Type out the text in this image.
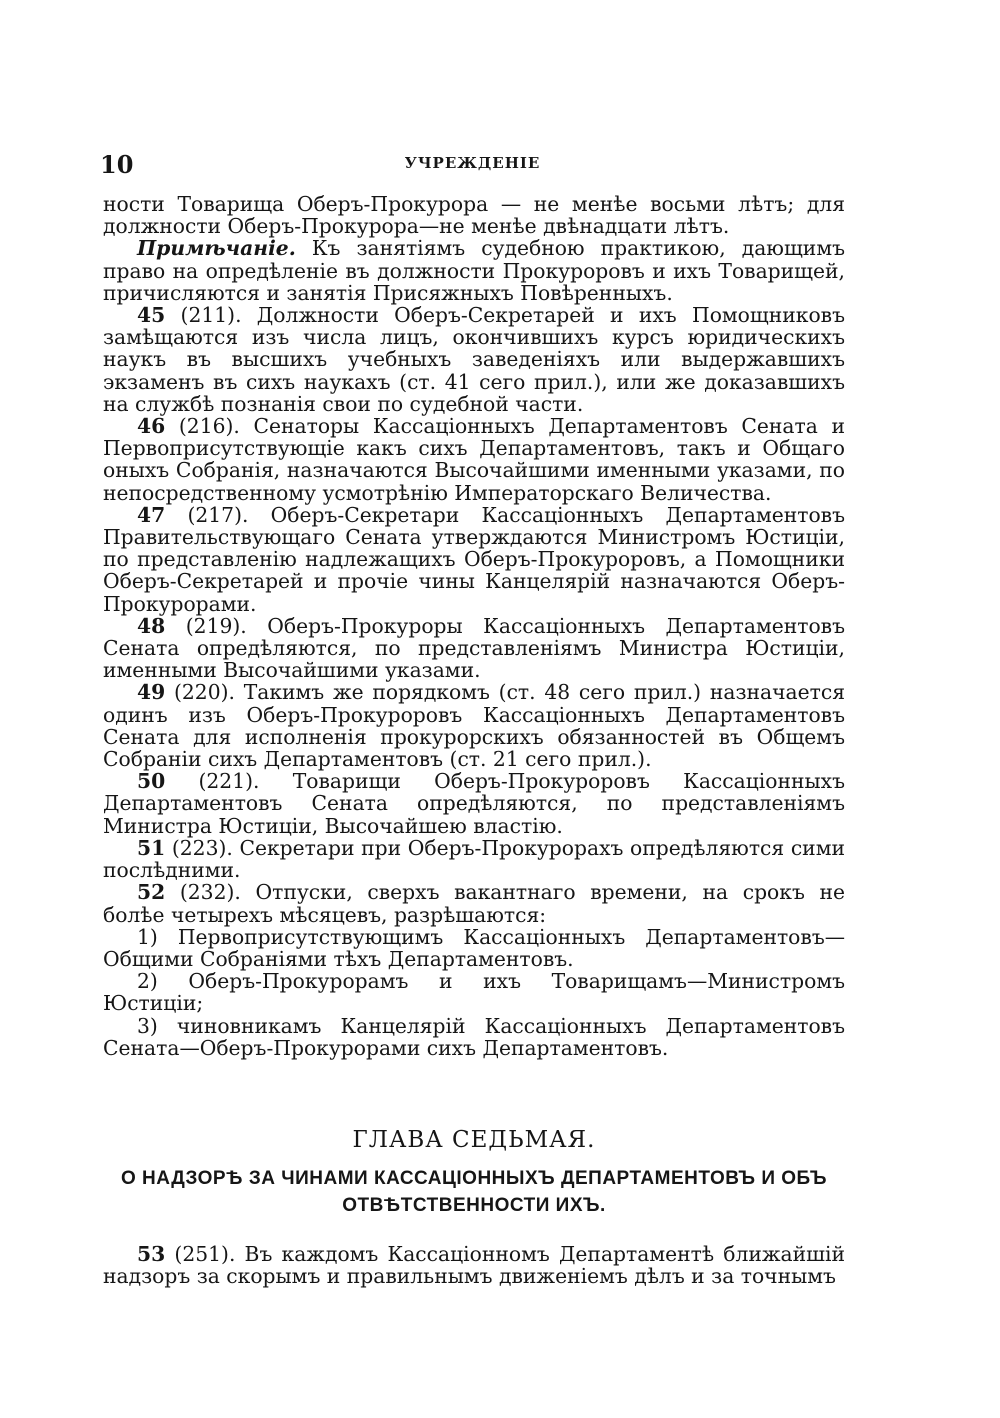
10	УЧРЕЖДЕНІЕ

ности Товарища Оберъ-Прокурора — не менѣе восьми лѣтъ; для должности Оберъ-Прокурора—не менѣе двѣнадцати лѣтъ.

Примѣчаніе. Къ занятіямъ судебною практикою, дающимъ право на опредѣленіе въ должности Прокуроровъ и ихъ Товарищей, причисляются и занятія Присяжныхъ Повѣренныхъ.

45 (211). Должности Оберъ-Секретарей и ихъ Помощниковъ замѣщаются изъ числа лицъ, окончившихъ курсъ юридическихъ наукъ въ высшихъ учебныхъ заведеніяхъ или выдержавшихъ экзаменъ въ сихъ наукахъ (ст. 41 сего прил.), или же доказавшихъ на службѣ познанія свои по судебной части.

46 (216). Сенаторы Кассаціонныхъ Департаментовъ Сената и Первоприсутствующіе какъ сихъ Департаментовъ, такъ и Общаго оныхъ Собранія, назначаются Высочайшими именными указами, по непосредственному усмотрѣнію Императорскаго Величества.

47 (217). Оберъ-Секретари Кассаціонныхъ Департаментовъ Правительствующаго Сената утверждаются Министромъ Юстиціи, по представленію надлежащихъ Оберъ-Прокуроровъ, а Помощники Оберъ-Секретарей и прочіе чины Канцелярій назначаются Оберъ-Прокурорами.

48 (219). Оберъ-Прокуроры Кассаціонныхъ Департаментовъ Сената опредѣляются, по представленіямъ Министра Юстиціи, именными Высочайшими указами.

49 (220). Такимъ же порядкомъ (ст. 48 сего прил.) назначается одинъ изъ Оберъ-Прокуроровъ Кассаціонныхъ Департаментовъ Сената для исполненія прокурорскихъ обязанностей въ Общемъ Собраніи сихъ Департаментовъ (ст. 21 сего прил.).

50 (221). Товарищи Оберъ-Прокуроровъ Кассаціонныхъ Департаментовъ Сената опредѣляются, по представленіямъ Министра Юстиціи, Высочайшею властію.

51 (223). Секретари при Оберъ-Прокурорахъ опредѣляются сими послѣдними.

52 (232). Отпуски, сверхъ вакантнаго времени, на срокъ не болѣе четырехъ мѣсяцевъ, разрѣшаются:

1) Первоприсутствующимъ Кассаціонныхъ Департаментовъ—Общими Собраніями тѣхъ Департаментовъ.

2) Оберъ-Прокурорамъ и ихъ Товарищамъ—Министромъ Юстиціи;

3) чиновникамъ Канцелярій Кассаціонныхъ Департаментовъ Сената—Оберъ-Прокурорами сихъ Департаментовъ.

ГЛАВА СЕДЬМАЯ.
О НАДЗОРѢ ЗА ЧИНАМИ КАССАЦІОННЫХЪ ДЕПАРТАМЕНТОВЪ И ОБЪ ОТВѢТСТВЕННОСТИ ИХЪ.

53 (251). Въ каждомъ Кассаціонномъ Департаментѣ ближайшій надзоръ за скорымъ и правильнымъ движеніемъ дѣлъ и за точнымъ
